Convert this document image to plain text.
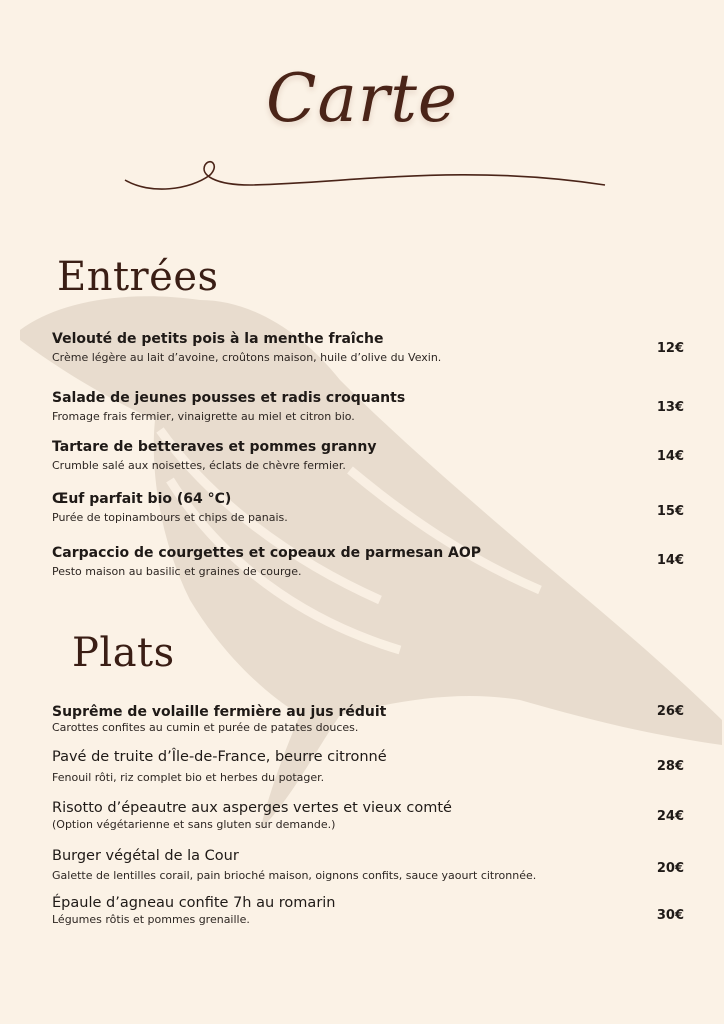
Carte
Entrées
Velouté de petits pois à la menthe fraîche
Crème légère au lait d’avoine, croûtons maison, huile d’olive du Vexin.
12€
Salade de jeunes pousses et radis croquants
Fromage frais fermier, vinaigrette au miel et citron bio.
13€
Tartare de betteraves et pommes granny
Crumble salé aux noisettes, éclats de chèvre fermier.
14€
Œuf parfait bio (64 °C)
Purée de topinambours et chips de panais.	15€
Carpaccio de courgettes et copeaux de parmesan AOP
Pesto maison au basilic et graines de courge.
14€
Plats
Suprême de volaille fermière au jus réduit
Carottes confites au cumin et purée de patates douces.
26€
Pavé de truite d’Île-de-France, beurre citronné
Fenouil rôti, riz complet bio et herbes du potager.
28€
Risotto d’épeautre aux asperges vertes et vieux comté
(Option végétarienne et sans gluten sur demande.)
24€
Burger végétal de la Cour
Galette de lentilles corail, pain brioché maison, oignons confits, sauce yaourt citronnée.	20€
Épaule d’agneau confite 7h au romarin
Légumes rôtis et pommes grenaille.	30€
